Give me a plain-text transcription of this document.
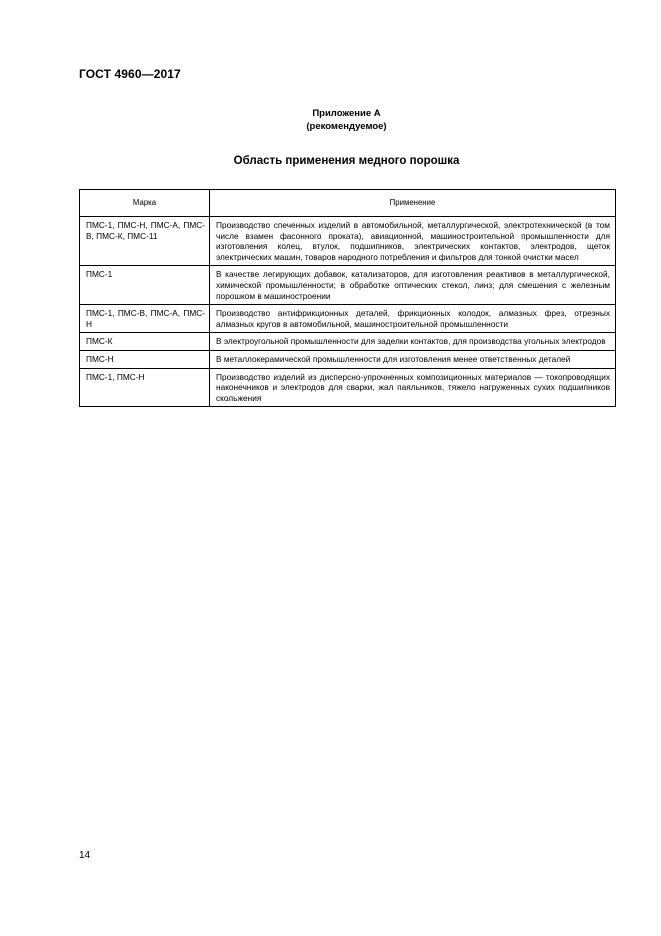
ГОСТ 4960—2017
Приложение А
(рекомендуемое)
Область применения медного порошка
Марка	Применение
ПМС-1, ПМС-Н, ПМС-А, ПМС-В, ПМС-К, ПМС-11	Производство спеченных изделий в автомобильной, металлургической, электротехнической (в том числе взамен фасонного проката), авиационной, машиностроительной промышленности для изготовления колец, втулок, подшипников, электрических контактов, электродов, щеток электрических машин, товаров народного потребления и фильтров для тонкой очистки масел
ПМС-1	В качестве легирующих добавок, катализаторов, для изготовления реактивов в металлургической, химической промышленности; в обработке оптических стекол, линз; для смешения с железным порошком в машиностроении
ПМС-1, ПМС-В, ПМС-А, ПМС-Н	Производство антифрикционных деталей, фрикционных колодок, алмазных фрез, отрезных алмазных кругов в автомобильной, машиностроительной промышленности
ПМС-К	В электроугольной промышленности для заделки контактов, для производства угольных электродов
ПМС-Н	В металлокерамической промышленности для изготовления менее ответственных деталей
ПМС-1, ПМС-Н	Производство изделий из дисперсно-упрочненных композиционных материалов — токопроводящих наконечников и электродов для сварки, жал паяльников, тяжело нагруженных сухих подшипников скольжения
14
